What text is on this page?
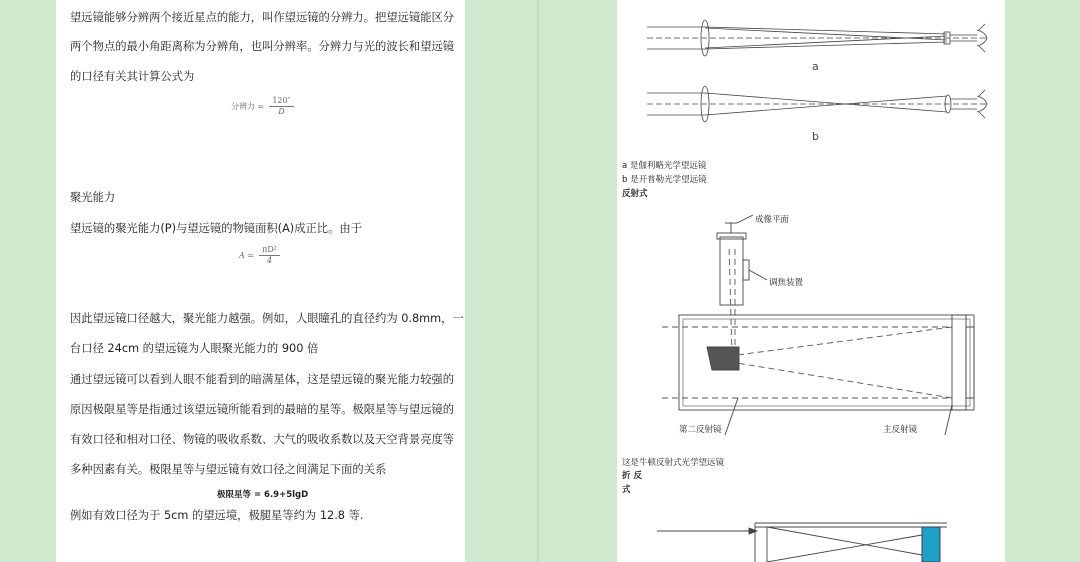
望远镜能够分辨两个接近星点的能力，叫作望远镜的分辨力。把望远镜能区分
两个物点的最小角距离称为分辨角，也叫分辨率。分辨力与光的波长和望远镜
的口径有关其计算公式为
分辨力 = $\frac{120''}{D}$
聚光能力
望远镜的聚光能力(P)与望远镜的物镜面积(A)成正比。由于
$A = \frac{\text{πD²}}{4}$
因此望远镜口径越大，聚光能力越强。例如，人眼瞳孔的直径约为 0.8mm，一
台口径 24cm 的望远镜为人眼聚光能力的 900 倍
通过望远镜可以看到人眼不能看到的暗满星体，这是望远镜的聚光能力较强的
原因极限星等是指通过该望远镜所能看到的最暗的星等。极限星等与望远镜的
有效口径和相对口径、物镜的吸收系数、大气的吸收系数以及天空背景亮度等
多种因素有关。极限星等与望远镜有效口径之间满足下面的关系
极限星等 = 6.9+5lgD
例如有效口径为于 5cm 的望远境，极腿星等约为 12.8 等.
a
b
a 是伽利略光学望远镜
b 是开普勒光学望远镜
反射式
成像平面
调焦装置
第二反射镜	主反射镜
这是牛顿反射式光学望远镜
折 反
式
